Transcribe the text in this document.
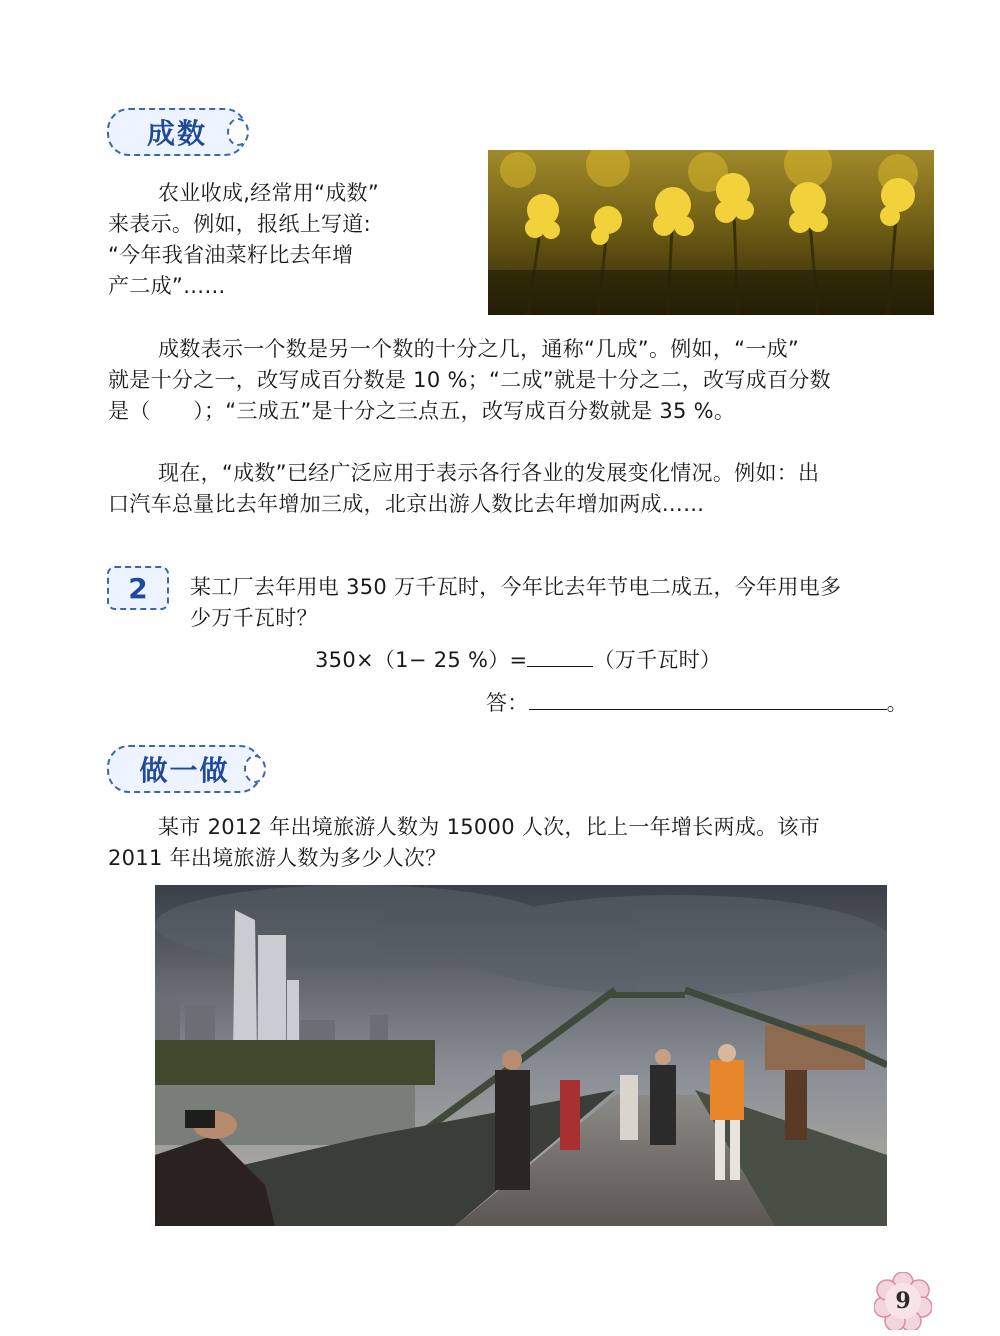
成数

农业收成,经常用“成数”

来表示。例如，报纸上写道:

“今年我省油菜籽比去年增

产二成”……

成数表示一个数是另一个数的十分之几，通称“几成”。例如，“一成”

就是十分之一，改写成百分数是 10 %；“二成”就是十分之二，改写成百分数

是（　　）；“三成五”是十分之三点五，改写成百分数就是 35 %。

现在，“成数”已经广泛应用于表示各行各业的发展变化情况。例如：出

口汽车总量比去年增加三成，北京出游人数比去年增加两成……

2 某工厂去年用电 350 万千瓦时，今年比去年节电二成五，今年用电多

少万千瓦时？

350×（1− 25 %）=	（万千瓦时）
答：	。
做一做

某市 2012 年出境旅游人数为 15000 人次，比上一年增长两成。该市

2011 年出境旅游人数为多少人次？

9
